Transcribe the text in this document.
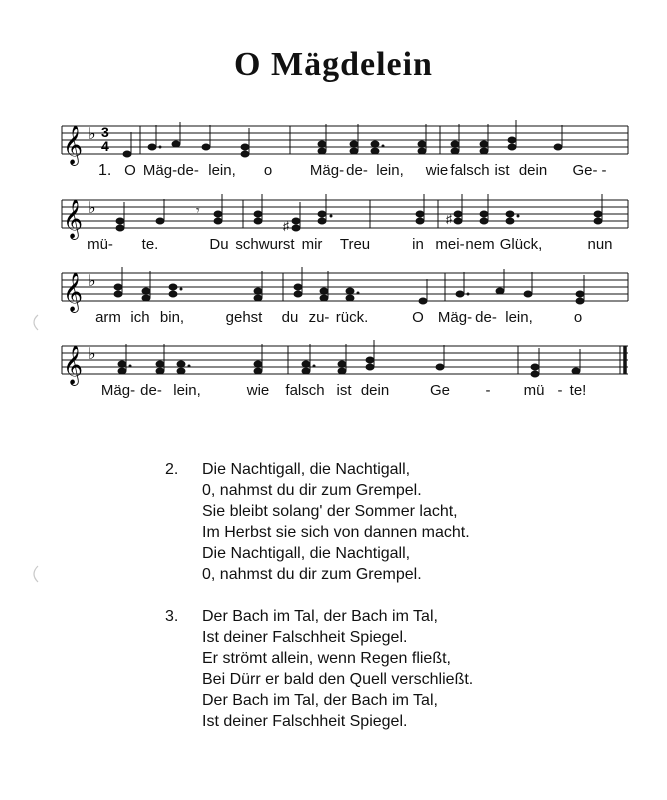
O Mägdelein
𝄞 ♭ 3
4
1. O Mäg- de- lein, o	Mäg- de- lein, wie falsch ist dein Ge- -
𝄞 ♭	𝄾
♯	♯
mü- te.	Du schwurst mir Treu	in mei- nem Glück,	nun
𝄞 ♭
arm ich bin,	gehst du zu- rück.	O Mäg- de- lein,	o
𝄞 ♭
Mäg- de- lein,	wie falsch ist dein	Ge - mü - te!
2. Die Nachtigall, die Nachtigall,
0, nahmst du dir zum Grempel.
Sie bleibt solang' der Sommer lacht,
Im Herbst sie sich von dannen macht.
Die Nachtigall, die Nachtigall,
0, nahmst du dir zum Grempel.
3. Der Bach im Tal, der Bach im Tal,
Ist deiner Falschheit Spiegel.
Er strömt allein, wenn Regen fließt,
Bei Dürr er bald den Quell verschließt.
Der Bach im Tal, der Bach im Tal,
Ist deiner Falschheit Spiegel.
